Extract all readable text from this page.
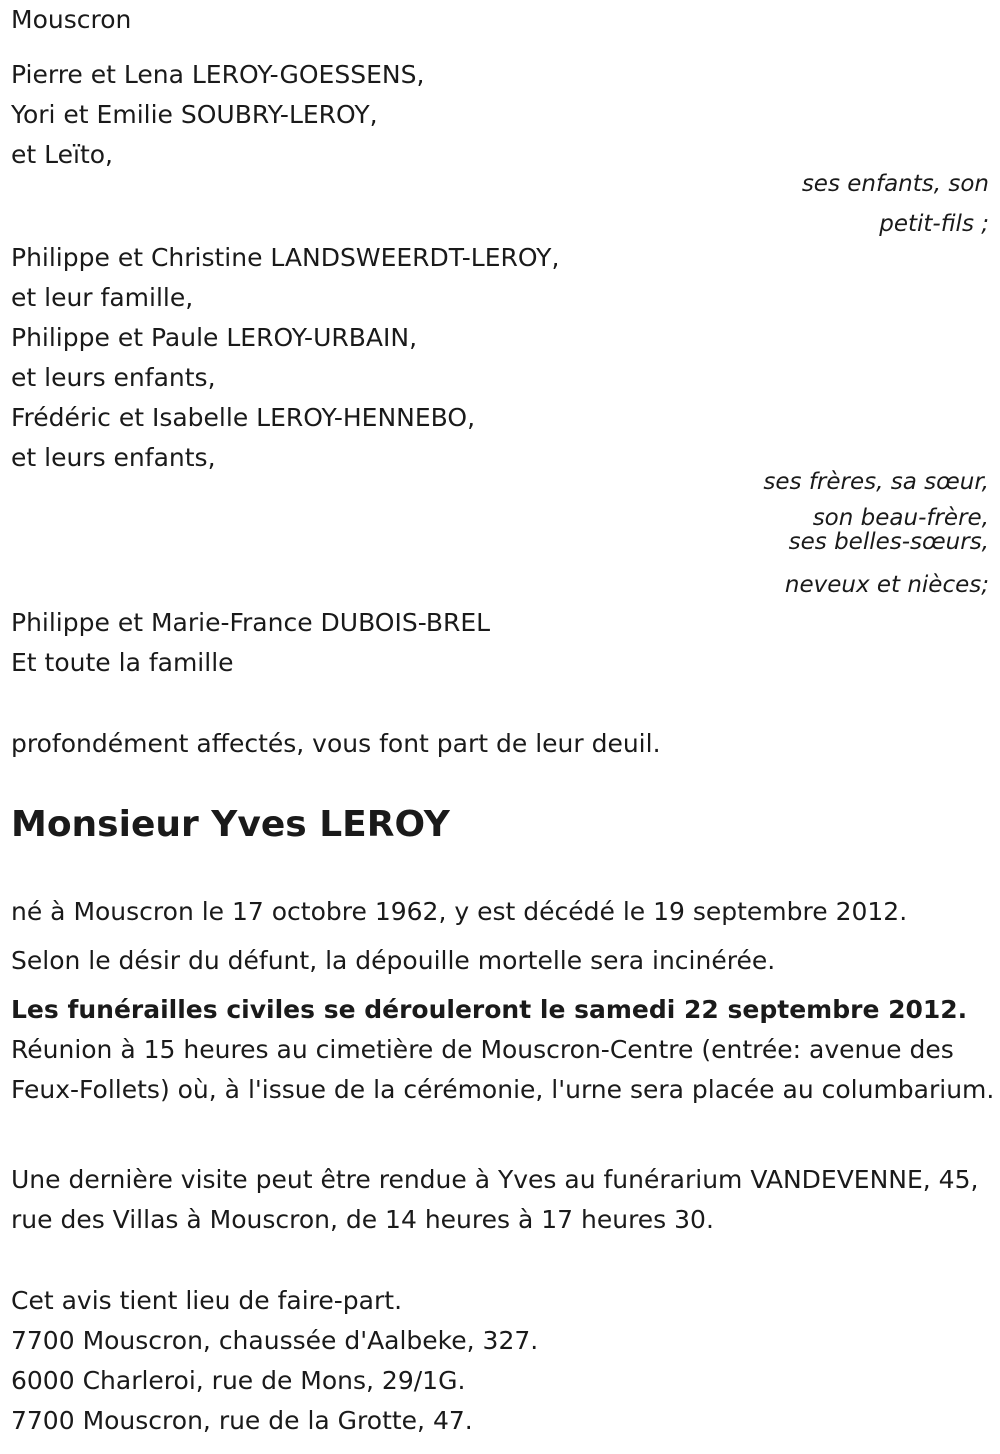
Mouscron
Pierre et Lena LEROY-GOESSENS,
Yori et Emilie SOUBRY-LEROY,
et Leïto,
ses enfants, son
petit-fils ;
Philippe et Christine LANDSWEERDT-LEROY,
et leur famille,
Philippe et Paule LEROY-URBAIN,
et leurs enfants,
Frédéric et Isabelle LEROY-HENNEBO,
et leurs enfants,
ses frères, sa sœur,
son beau-frère,
ses belles-sœurs,
neveux et nièces;
Philippe et Marie-France DUBOIS-BREL
Et toute la famille
profondément affectés, vous font part de leur deuil.
Monsieur Yves LEROY
né à Mouscron le 17 octobre 1962, y est décédé le 19 septembre 2012.
Selon le désir du défunt, la dépouille mortelle sera incinérée.
Les funérailles civiles se dérouleront le samedi 22 septembre 2012. Réunion à 15 heures au cimetière de Mouscron-Centre (entrée: avenue des Feux-Follets) où, à l'issue de la cérémonie, l'urne sera placée au columbarium.
Une dernière visite peut être rendue à Yves au funérarium VANDEVENNE, 45, rue des Villas à Mouscron, de 14 heures à 17 heures 30.
Cet avis tient lieu de faire-part.
7700 Mouscron, chaussée d'Aalbeke, 327.
6000 Charleroi, rue de Mons, 29/1G.
7700 Mouscron, rue de la Grotte, 47.
